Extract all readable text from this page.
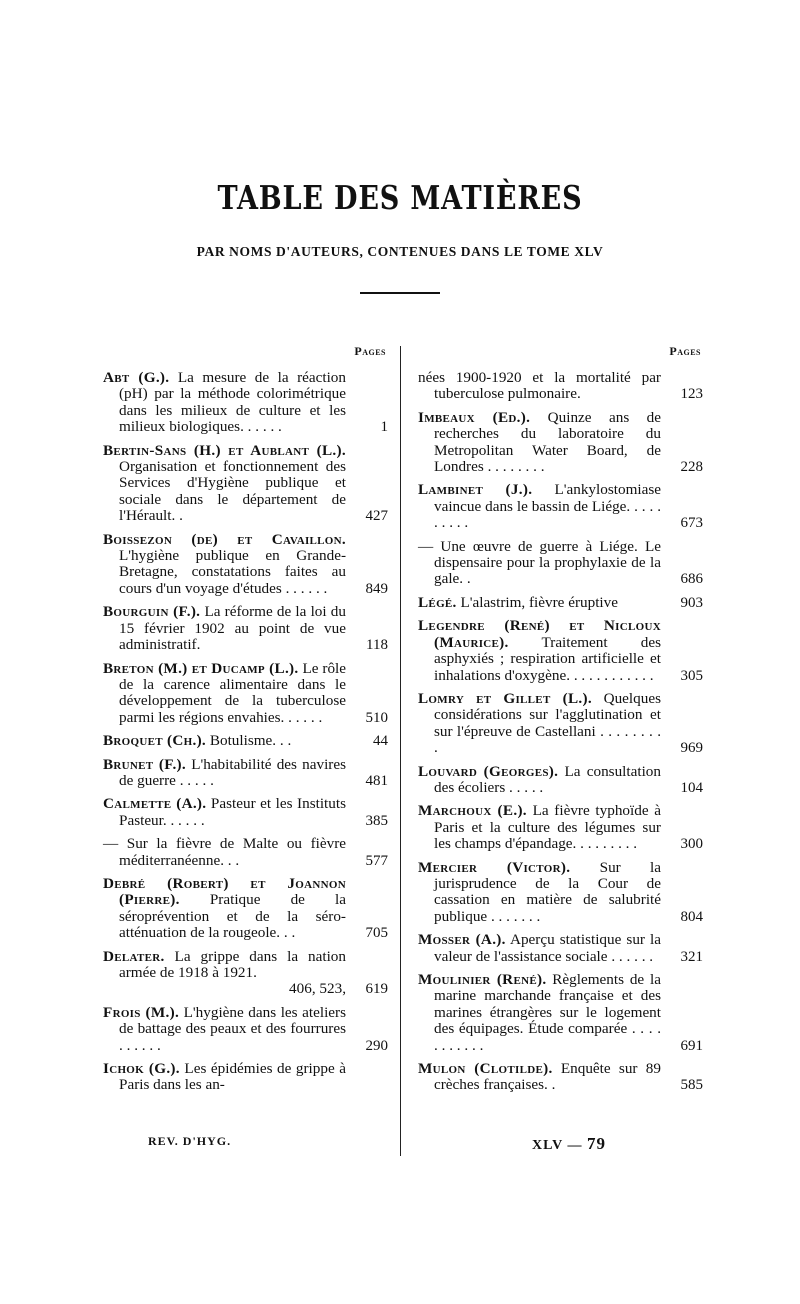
TABLE DES MATIÈRES
PAR NOMS D'AUTEURS, CONTENUES DANS LE TOME XLV
Pages
Abt (G.). La mesure de la réaction (pH) par la méthode colorimétrique dans les milieux de culture et les milieux biologiques. . . . . .	1
Bertin-Sans (H.) et Aublant (L.). Organisation et fonctionnement des Services d'Hygiène publique et sociale dans le département de l'Hérault. .	427
Boissezon (de) et Cavaillon. L'hygiène publique en Grande-Bretagne, constatations faites au cours d'un voyage d'études . . . . . .	849
Bourguin (F.). La réforme de la loi du 15 février 1902 au point de vue administratif.	118
Breton (M.) et Ducamp (L.). Le rôle de la carence alimentaire dans le développement de la tuberculose parmi les régions envahies. . . . . .	510
Broquet (Ch.). Botulisme. . .	44
Brunet (F.). L'habitabilité des navires de guerre . . . . .	481
Calmette (A.). Pasteur et les Instituts Pasteur. . . . . .	385
— Sur la fièvre de Malte ou fièvre méditerranéenne. . .	577
Debré (Robert) et Joannon (Pierre). Pratique de la séroprévention et de la séro-atténuation de la rougeole. . .	705
Delater. La grippe dans la nation armée de 1918 à 1921.
406, 523,	619
Frois (M.). L'hygiène dans les ateliers de battage des peaux et des fourrures . . . . . .	290
Ichok (G.). Les épidémies de grippe à Paris dans les an-
Pages
nées 1900-1920 et la mortalité par tuberculose pulmonaire.	123
Imbeaux (Ed.). Quinze ans de recherches du laboratoire du Metropolitan Water Board, de Londres . . . . . . . .	228
Lambinet (J.). L'ankylostomiase vaincue dans le bassin de Liége. . . . . . . . . .	673
— Une œuvre de guerre à Liége. Le dispensaire pour la prophylaxie de la gale. .	686
Légé. L'alastrim, fièvre éruptive	903
Legendre (René) et Nicloux (Maurice). Traitement des asphyxiés ; respiration artificielle et inhalations d'oxygène. . . . . . . . . . . .	305
Lomry et Gillet (L.). Quelques considérations sur l'agglutination et sur l'épreuve de Castellani . . . . . . . . .	969
Louvard (Georges). La consultation des écoliers . . . . .	104
Marchoux (E.). La fièvre typhoïde à Paris et la culture des légumes sur les champs d'épandage. . . . . . . . .	300
Mercier (Victor). Sur la jurisprudence de la Cour de cassation en matière de salubrité publique . . . . . . .	804
Mosser (A.). Aperçu statistique sur la valeur de l'assistance sociale . . . . . .	321
Moulinier (René). Règlements de la marine marchande française et des marines étrangères sur le logement des équipages. Étude comparée . . . . . . . . . . .	691
Mulon (Clotilde). Enquête sur 89 crèches françaises. .	585
REV. D'HYG.	XLV — 79
